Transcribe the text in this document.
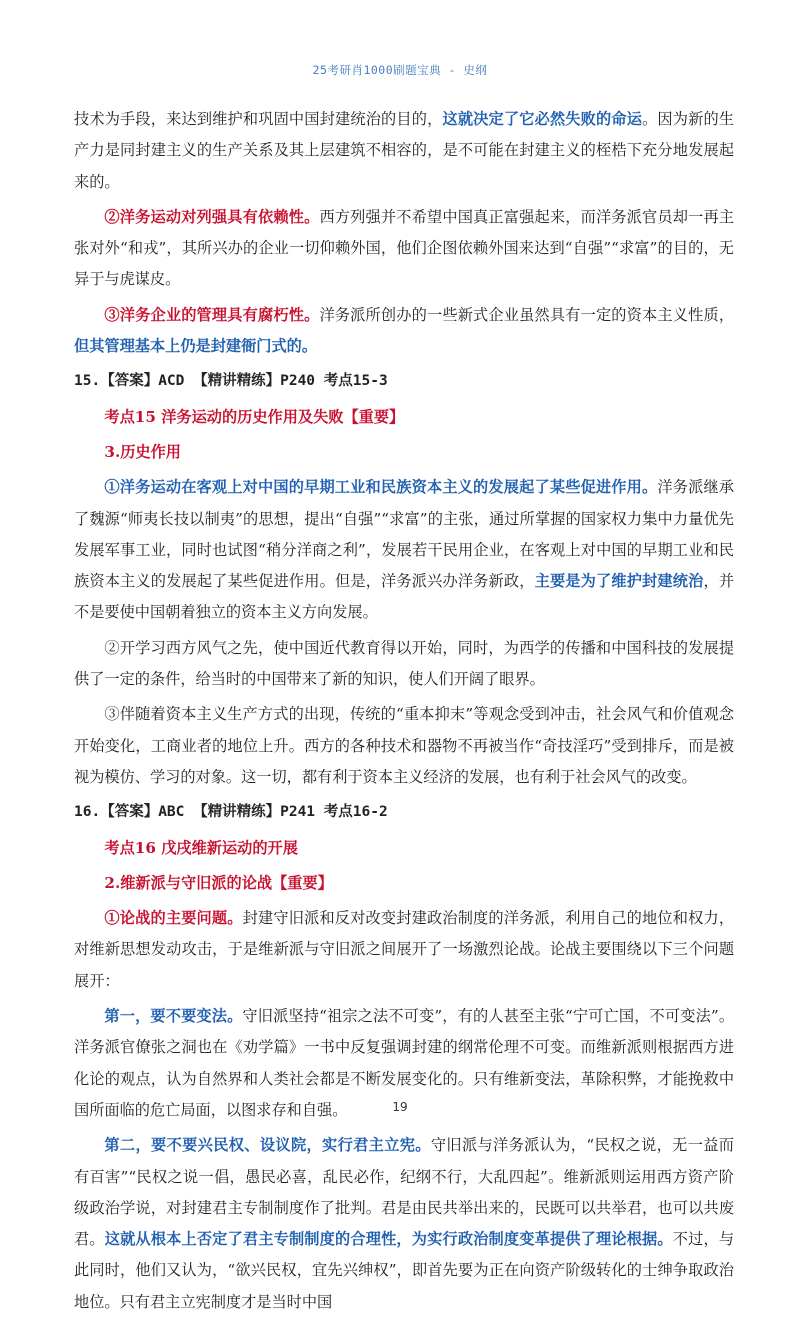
25考研肖1000刷题宝典 - 史纲

技术为手段，来达到维护和巩固中国封建统治的目的，这就决定了它必然失败的命运。因为新的生产力是同封建主义的生产关系及其上层建筑不相容的，是不可能在封建主义的桎梏下充分地发展起来的。

②洋务运动对列强具有依赖性。西方列强并不希望中国真正富强起来，而洋务派官员却一再主张对外“和戎”，其所兴办的企业一切仰赖外国，他们企图依赖外国来达到“自强”“求富”的目的，无异于与虎谋皮。

③洋务企业的管理具有腐朽性。洋务派所创办的一些新式企业虽然具有一定的资本主义性质，但其管理基本上仍是封建衙门式的。

15.【答案】ACD 【精讲精练】P240 考点15-3

考点15 洋务运动的历史作用及失败【重要】

3.历史作用

①洋务运动在客观上对中国的早期工业和民族资本主义的发展起了某些促进作用。洋务派继承了魏源“师夷长技以制夷”的思想，提出“自强”“求富”的主张，通过所掌握的国家权力集中力量优先发展军事工业，同时也试图“稍分洋商之利”，发展若干民用企业，在客观上对中国的早期工业和民族资本主义的发展起了某些促进作用。但是，洋务派兴办洋务新政，主要是为了维护封建统治，并不是要使中国朝着独立的资本主义方向发展。

②开学习西方风气之先，使中国近代教育得以开始，同时，为西学的传播和中国科技的发展提供了一定的条件，给当时的中国带来了新的知识，使人们开阔了眼界。

③伴随着资本主义生产方式的出现，传统的“重本抑末”等观念受到冲击，社会风气和价值观念开始变化，工商业者的地位上升。西方的各种技术和器物不再被当作“奇技淫巧”受到排斥，而是被视为模仿、学习的对象。这一切，都有利于资本主义经济的发展，也有利于社会风气的改变。

16.【答案】ABC 【精讲精练】P241 考点16-2

考点16 戊戌维新运动的开展

2.维新派与守旧派的论战【重要】

①论战的主要问题。封建守旧派和反对改变封建政治制度的洋务派，利用自己的地位和权力，对维新思想发动攻击，于是维新派与守旧派之间展开了一场激烈论战。论战主要围绕以下三个问题展开：

第一，要不要变法。守旧派坚持“祖宗之法不可变”，有的人甚至主张“宁可亡国，不可变法”。洋务派官僚张之洞也在《劝学篇》一书中反复强调封建的纲常伦理不可变。而维新派则根据西方进化论的观点，认为自然界和人类社会都是不断发展变化的。只有维新变法，革除积弊，才能挽救中国所面临的危亡局面，以图求存和自强。

第二，要不要兴民权、设议院，实行君主立宪。守旧派与洋务派认为，“民权之说，无一益而有百害”“民权之说一倡，愚民必喜，乱民必作，纪纲不行，大乱四起”。维新派则运用西方资产阶级政治学说，对封建君主专制制度作了批判。君是由民共举出来的，民既可以共举君，也可以共废君。这就从根本上否定了君主专制制度的合理性，为实行政治制度变革提供了理论根据。不过，与此同时，他们又认为，“欲兴民权，宜先兴绅权”，即首先要为正在向资产阶级转化的士绅争取政治地位。只有君主立宪制度才是当时中国

19
